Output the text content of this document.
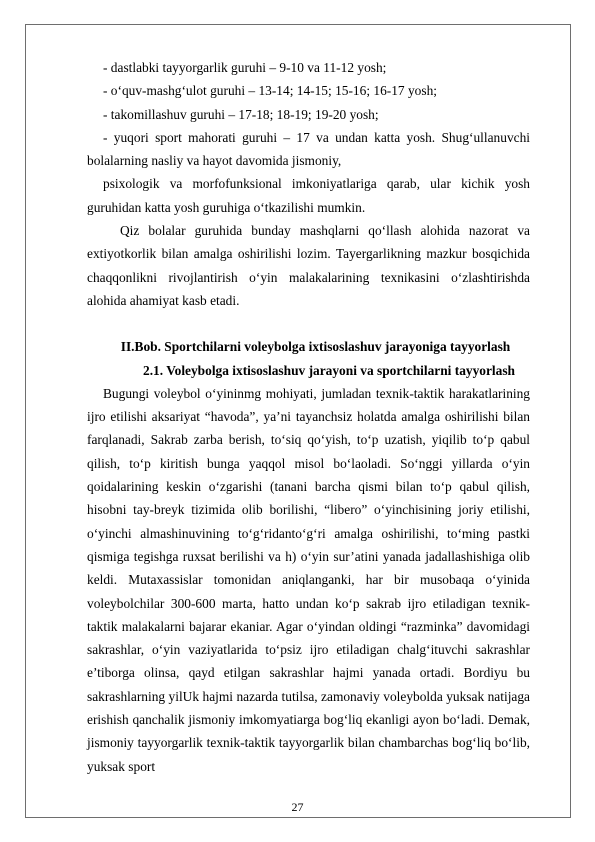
- dastlabki tayyorgarlik guruhi – 9-10 va 11-12 yosh;

- o‘quv-mashg‘ulot guruhi – 13-14; 14-15; 15-16; 16-17 yosh;

- takomillashuv guruhi – 17-18; 18-19; 19-20 yosh;

- yuqori sport mahorati guruhi – 17 va undan katta yosh. Shug‘ullanuvchi bolalarning nasliy va hayot davomida jismoniy,

psixologik va morfofunksional imkoniyatlariga qarab, ular kichik yosh guruhidan katta yosh guruhiga o‘tkazilishi mumkin.

Qiz bolalar guruhida bunday mashqlarni qo‘llash alohida nazorat va extiyotkorlik bilan amalga oshirilishi lozim. Tayergarlikning mazkur bosqichida chaqqonlikni rivojlantirish o‘yin malakalarining texnikasini o‘zlashtirishda alohida ahamiyat kasb etadi.

II.Bob. Sportchilarni voleybolga ixtisoslashuv jarayoniga tayyorlash

2.1. Voleybolga ixtisoslashuv jarayoni va sportchilarni tayyorlash

Bugungi voleybol o‘yininmg mohiyati, jumladan texnik-taktik harakatlarining ijro etilishi aksariyat “havoda”, ya’ni tayanchsiz holatda amalga oshirilishi bilan farqlanadi, Sakrab zarba berish, to‘siq qo‘yish, to‘p uzatish, yiqilib to‘p qabul qilish, to‘p kiritish bunga yaqqol misol bo‘laoladi. So‘nggi yillarda o‘yin qoidalarining keskin o‘zgarishi (tanani barcha qismi bilan to‘p qabul qilish, hisobni tay-breyk tizimida olib borilishi, “libero” o‘yinchisining joriy etilishi, o‘yinchi almashinuvining to‘g‘ridanto‘g‘ri amalga oshirilishi, to‘ming pastki qismiga tegishga ruxsat berilishi va h) o‘yin sur’atini yanada jadallashishiga olib keldi. Mutaxassislar tomonidan aniqlanganki, har bir musobaqa o‘yinida voleybolchilar 300-600 marta, hatto undan ko‘p sakrab ijro etiladigan texnik-taktik malakalarni bajarar ekaniar. Agar o‘yindan oldingi “razminka” davomidagi sakrashlar, o‘yin vaziyatlarida to‘psiz ijro etiladigan chalg‘ituvchi sakrashlar e’tiborga olinsa, qayd etilgan sakrashlar hajmi yanada ortadi. Bordiyu bu sakrashlarning yilUk hajmi nazarda tutilsa, zamonaviy voleybolda yuksak natijaga erishish qanchalik jismoniy imkomyatiarga bog‘liq ekanligi ayon bo‘ladi. Demak, jismoniy tayyorgarlik texnik-taktik tayyorgarlik bilan chambarchas bog‘liq bo‘lib, yuksak sport

27
